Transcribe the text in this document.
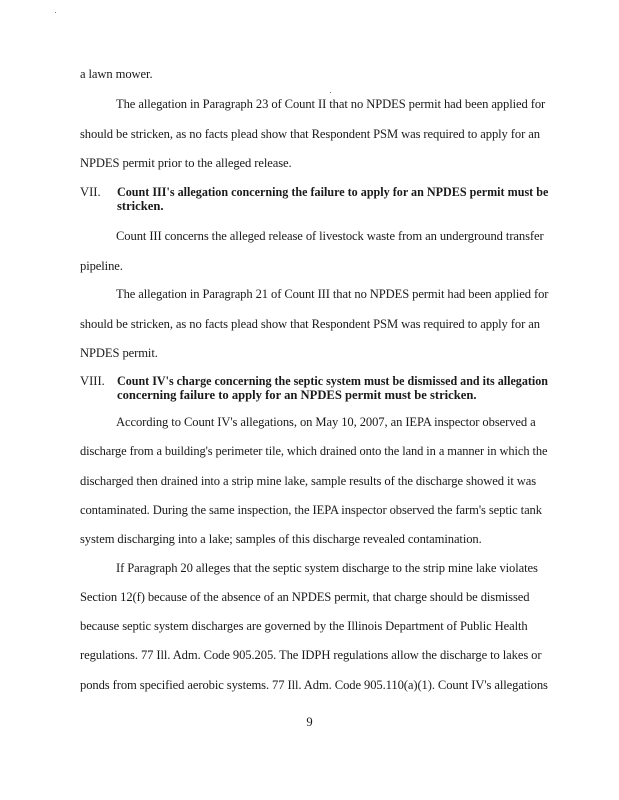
a lawn mower.
The allegation in Paragraph 23 of Count II that no NPDES permit had been applied for
should be stricken, as no facts plead show that Respondent PSM was required to apply for an
NPDES permit prior to the alleged release.
VII. Count III's allegation concerning the failure to apply for an NPDES permit must be
stricken.
Count III concerns the alleged release of livestock waste from an underground transfer
pipeline.
The allegation in Paragraph 21 of Count III that no NPDES permit had been applied for
should be stricken, as no facts plead show that Respondent PSM was required to apply for an
NPDES permit.
VIII. Count IV's charge concerning the septic system must be dismissed and its allegation
concerning failure to apply for an NPDES permit must be stricken.
According to Count IV's allegations, on May 10, 2007, an IEPA inspector observed a
discharge from a building's perimeter tile, which drained onto the land in a manner in which the
discharged then drained into a strip mine lake, sample results of the discharge showed it was
contaminated. During the same inspection, the IEPA inspector observed the farm's septic tank
system discharging into a lake; samples of this discharge revealed contamination.
If Paragraph 20 alleges that the septic system discharge to the strip mine lake violates
Section 12(f) because of the absence of an NPDES permit, that charge should be dismissed
because septic system discharges are governed by the Illinois Department of Public Health
regulations. 77 Ill. Adm. Code 905.205. The IDPH regulations allow the discharge to lakes or
ponds from specified aerobic systems. 77 Ill. Adm. Code 905.110(a)(1). Count IV's allegations
9
